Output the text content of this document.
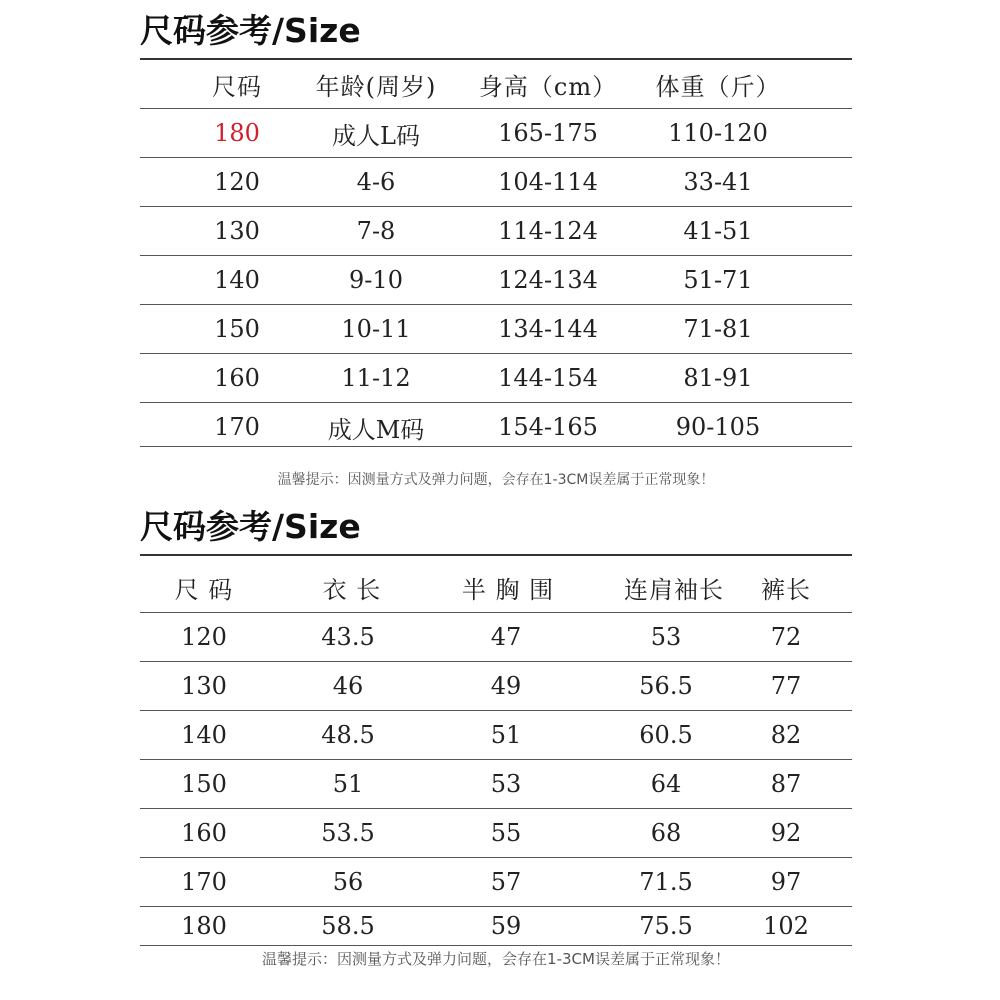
尺码参考/Size
尺码 年龄(周岁) 身高（cm） 体重（斤）
180	成人L码	165-175	110-120
120	4-6	104-114	33-41
130	7-8	114-124	41-51
140	9-10	124-134	51-71
150	10-11	134-144	71-81
160	11-12	144-154	81-91
170	成人M码	154-165	90-105
温馨提示：因测量方式及弹力问题，会存在1-3CM误差属于正常现象！
尺码参考/Size
尺 码	衣 长	半 胸 围	连肩袖长 裤长
120	43.5	47	53	72
130	46	49	56.5	77
140	48.5	51	60.5	82
150	51	53	64	87
160	53.5	55	68	92
170	56	57	71.5	97
180	58.5	59	75.5	102
温馨提示：因测量方式及弹力问题，会存在1-3CM误差属于正常现象！
